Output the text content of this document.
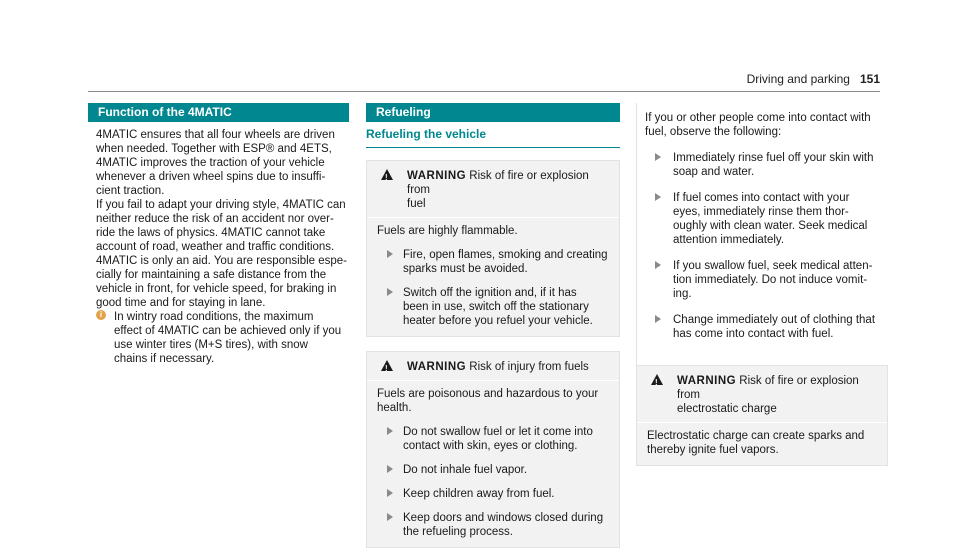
Driving and parking 151
Function of the 4MATIC
4MATIC ensures that all four wheels are driven
when needed. Together with ESP® and 4ETS,
4MATIC improves the traction of your vehicle
whenever a driven wheel spins due to insuffi-
cient traction.
If you fail to adapt your driving style, 4MATIC can
neither reduce the risk of an accident nor over-
ride the laws of physics. 4MATIC cannot take
account of road, weather and traffic conditions.
4MATIC is only an aid. You are responsible espe-
cially for maintaining a safe distance from the
vehicle in front, for vehicle speed, for braking in
good time and for staying in lane.
i	In wintry road conditions, the maximum
effect of 4MATIC can be achieved only if you
use winter tires (M+S tires), with snow
chains if necessary.
Refueling
Refueling the vehicle
!
WARNING Risk of fire or explosion from
fuel
Fuels are highly flammable.
Fire, open flames, smoking and creating
sparks must be avoided.
Switch off the ignition and, if it has
been in use, switch off the stationary
heater before you refuel your vehicle.
!
WARNING Risk of injury from fuels
Fuels are poisonous and hazardous to your
health.
Do not swallow fuel or let it come into
contact with skin, eyes or clothing.
Do not inhale fuel vapor.
Keep children away from fuel.
Keep doors and windows closed during
the refueling process.
If you or other people come into contact with
fuel, observe the following:
Immediately rinse fuel off your skin with
soap and water.
If fuel comes into contact with your
eyes, immediately rinse them thor-
oughly with clean water. Seek medical
attention immediately.
If you swallow fuel, seek medical atten-
tion immediately. Do not induce vomit-
ing.
Change immediately out of clothing that
has come into contact with fuel.
!
WARNING Risk of fire or explosion from
electrostatic charge
Electrostatic charge can create sparks and
thereby ignite fuel vapors.
